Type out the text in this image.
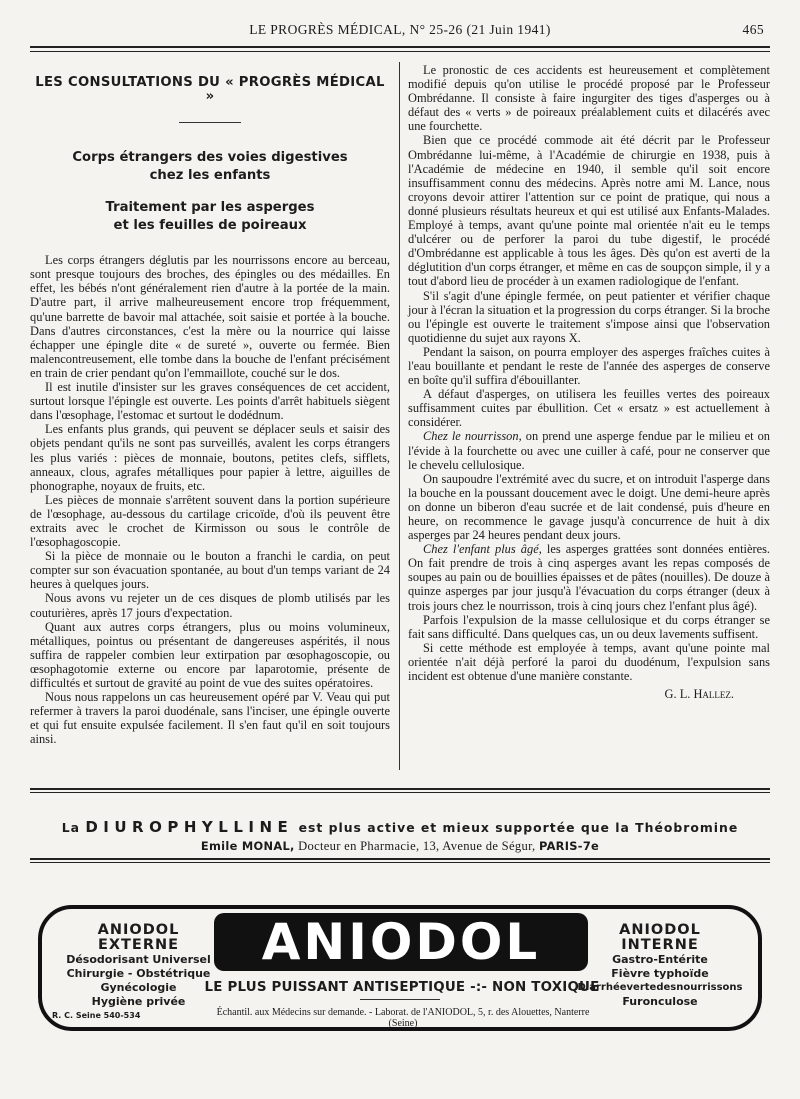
LE PROGRÈS MÉDICAL, N° 25-26 (21 Juin 1941)	465
LES CONSULTATIONS DU « PROGRÈS MÉDICAL »
Corps étrangers des voies digestives
chez les enfants
Traitement par les asperges
et les feuilles de poireaux

Les corps étrangers déglutis par les nourrissons encore au berceau, sont presque toujours des broches, des épingles ou des médailles. En effet, les bébés n'ont généralement rien d'autre à la portée de la main. D'autre part, il arrive malheureusement encore trop fréquemment, qu'une barrette de bavoir mal attachée, soit saisie et portée à la bouche. Dans d'autres circonstances, c'est la mère ou la nourrice qui laisse échapper une épingle dite « de sureté », ouverte ou fermée. Bien malencontreusement, elle tombe dans la bouche de l'enfant précisément en train de crier pendant qu'on l'emmaillote, couché sur le dos.

Il est inutile d'insister sur les graves conséquences de cet accident, surtout lorsque l'épingle est ouverte. Les points d'arrêt habituels siègent dans l'œsophage, l'estomac et surtout le dodédnum.

Les enfants plus grands, qui peuvent se déplacer seuls et saisir des objets pendant qu'ils ne sont pas surveillés, avalent les corps étrangers les plus variés : pièces de monnaie, boutons, petites clefs, sifflets, anneaux, clous, agrafes métalliques pour papier à lettre, aiguilles de phonographe, noyaux de fruits, etc.

Les pièces de monnaie s'arrêtent souvent dans la portion supérieure de l'œsophage, au-dessous du cartilage cricoïde, d'où ils peuvent être extraits avec le crochet de Kirmisson ou sous le contrôle de l'œsophagoscopie.

Si la pièce de monnaie ou le bouton a franchi le cardia, on peut compter sur son évacuation spontanée, au bout d'un temps variant de 24 heures à quelques jours.

Nous avons vu rejeter un de ces disques de plomb utilisés par les couturières, après 17 jours d'expectation.

Quant aux autres corps étrangers, plus ou moins volumineux, métalliques, pointus ou présentant de dangereuses aspérités, il nous suffira de rappeler combien leur extirpation par œsophagoscopie, ou œsophagotomie externe ou encore par laparotomie, présente de difficultés et surtout de gravité au point de vue des suites opératoires.

Nous nous rappelons un cas heureusement opéré par V. Veau qui put refermer à travers la paroi duodénale, sans l'inciser, une épingle ouverte et qui fut ensuite expulsée facilement. Il s'en faut qu'il en soit toujours ainsi.

Le pronostic de ces accidents est heureusement et complètement modifié depuis qu'on utilise le procédé proposé par le Professeur Ombrédanne. Il consiste à faire ingurgiter des tiges d'asperges ou à défaut des « verts » de poireaux préalablement cuits et dilacérés avec une fourchette.

Bien que ce procédé commode ait été décrit par le Professeur Ombrédanne lui-même, à l'Académie de chirurgie en 1938, puis à l'Académie de médecine en 1940, il semble qu'il soit encore insuffisamment connu des médecins. Après notre ami M. Lance, nous croyons devoir attirer l'attention sur ce point de pratique, qui nous a donné plusieurs résultats heureux et qui est utilisé aux Enfants-Malades. Employé à temps, avant qu'une pointe mal orientée n'ait eu le temps d'ulcérer ou de perforer la paroi du tube digestif, le procédé d'Ombrédanne est applicable à tous les âges. Dès qu'on est averti de la déglutition d'un corps étranger, et même en cas de soupçon simple, il y a tout d'abord lieu de procéder à un examen radiologique de l'enfant.

S'il s'agit d'une épingle fermée, on peut patienter et vérifier chaque jour à l'écran la situation et la progression du corps étranger. Si la broche ou l'épingle est ouverte le traitement s'impose ainsi que l'observation quotidienne du sujet aux rayons X.

Pendant la saison, on pourra employer des asperges fraîches cuites à l'eau bouillante et pendant le reste de l'année des asperges de conserve en boîte qu'il suffira d'ébouillanter.

A défaut d'asperges, on utilisera les feuilles vertes des poireaux suffisamment cuites par ébullition. Cet « ersatz » est actuellement à considérer.

Chez le nourrisson, on prend une asperge fendue par le milieu et on l'évide à la fourchette ou avec une cuiller à café, pour ne conserver que le chevelu cellulosique.

On saupoudre l'extrémité avec du sucre, et on introduit l'asperge dans la bouche en la poussant doucement avec le doigt. Une demi-heure après on donne un biberon d'eau sucrée et de lait condensé, puis d'heure en heure, on recommence le gavage jusqu'à concurrence de huit à dix asperges par 24 heures pendant deux jours.

Chez l'enfant plus âgé, les asperges grattées sont données entières. On fait prendre de trois à cinq asperges avant les repas composés de soupes au pain ou de bouillies épaisses et de pâtes (nouilles). De douze à quinze asperges par jour jusqu'à l'évacuation du corps étranger (deux à trois jours chez le nourrisson, trois à cinq jours chez l'enfant plus âgé).

Parfois l'expulsion de la masse cellulosique et du corps étranger se fait sans difficulté. Dans quelques cas, un ou deux lavements suffisent.

Si cette méthode est employée à temps, avant qu'une pointe mal orientée n'ait déjà perforé la paroi du duodénum, l'expulsion sans incident est obtenue d'une manière constante.

G. L. Hallez.
La DIUROPHYLLINE est plus active et mieux supportée que la Théobromine
Emile MONAL, Docteur en Pharmacie, 13, Avenue de Ségur, PARIS-7e
ANIODOL
EXTERNE
Désodorisant Universel
Chirurgie - Obstétrique
Gynécologie
Hygiène privée
R. C. Seine 540-534
ANIODOL
LE PLUS PUISSANT ANTISEPTIQUE -:- NON TOXIQUE
Échantil. aux Médecins sur demande. - Laborat. de l'ANIODOL, 5, r. des Alouettes, Nanterre (Seine)
ANIODOL
INTERNE
Gastro-Entérite
Fièvre typhoïde
Diarrhéevertedesnourrissons
Furonculose
